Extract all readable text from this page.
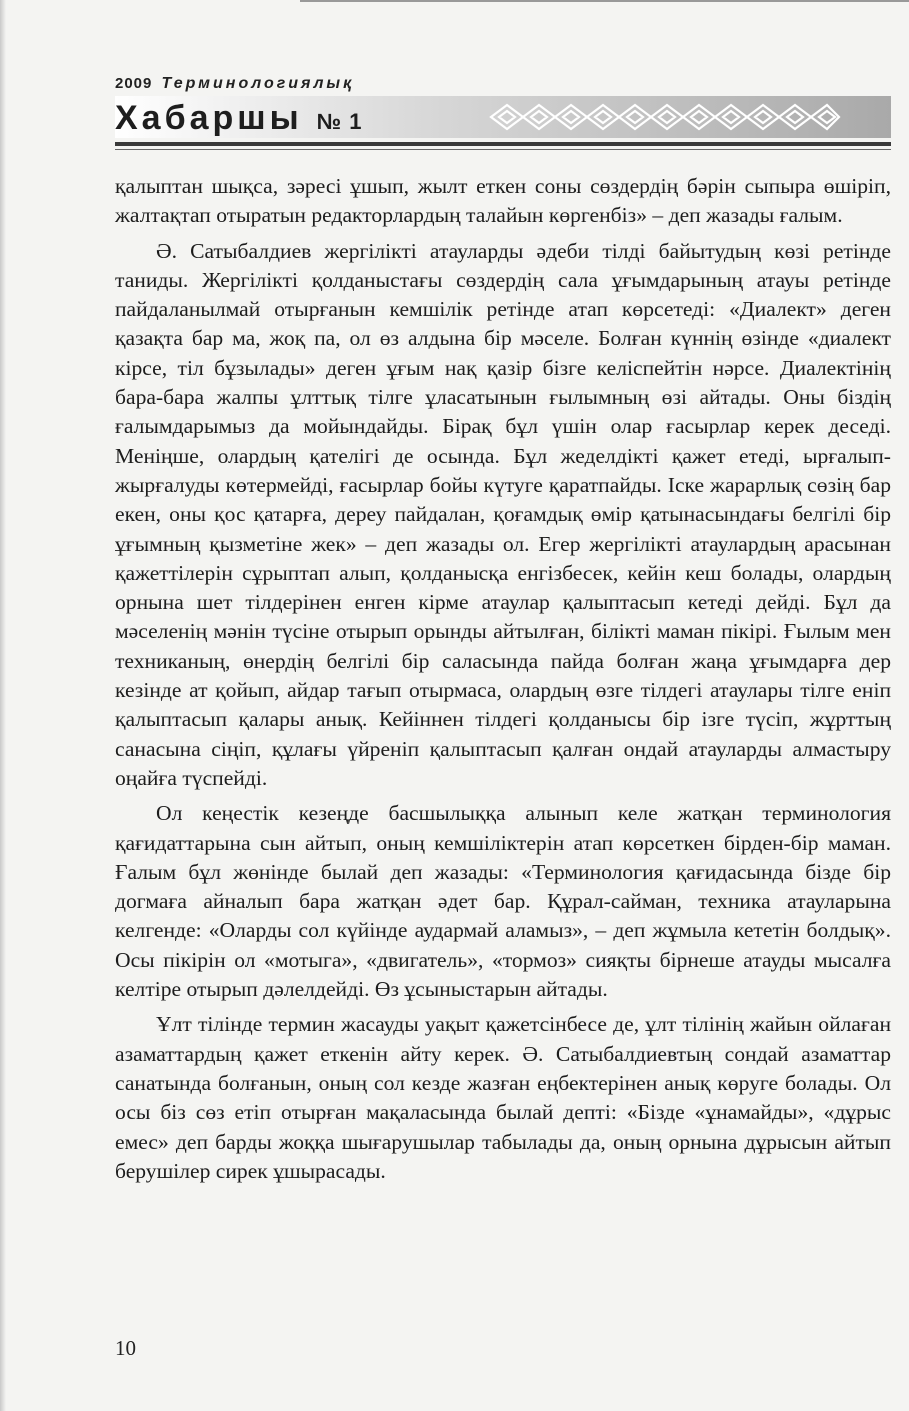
2009 Терминологиялық
Хабаршы № 1

қалыптан шықса, зәресі ұшып, жылт еткен соны сөздердің бәрін сыпыра өшіріп, жалтақтап отыратын редакторлардың талайын көргенбіз» – деп жазады ғалым.

Ә. Сатыбалдиев жергілікті атауларды әдеби тілді байытудың көзі ретінде таниды. Жергілікті қолданыстағы сөздердің сала ұғымдарының атауы ретінде пайдаланылмай отырғанын кемшілік ретінде атап көрсетеді: «Диалект» деген қазақта бар ма, жоқ па, ол өз алдына бір мәселе. Болған күннің өзінде «диалект кірсе, тіл бұзылады» деген ұғым нақ қазір бізге келіспейтін нәрсе. Диалектінің бара-бара жалпы ұлттық тілге ұласатынын ғылымның өзі айтады. Оны біздің ғалымдарымыз да мойындайды. Бірақ бұл үшін олар ғасырлар керек деседі. Меніңше, олардың қателігі де осында. Бұл жеделдікті қажет етеді, ырғалып-жырғалуды көтермейді, ғасырлар бойы күтуге қаратпайды. Іске жарарлық сөзің бар екен, оны қос қатарға, дереу пайдалан, қоғамдық өмір қатынасындағы белгілі бір ұғымның қызметіне жек» – деп жазады ол. Егер жергілікті атаулардың арасынан қажеттілерін сұрыптап алып, қолданысқа енгізбесек, кейін кеш болады, олардың орнына шет тілдерінен енген кірме атаулар қалыптасып кетеді дейді. Бұл да мәселенің мәнін түсіне отырып орынды айтылған, білікті маман пікірі. Ғылым мен техниканың, өнердің белгілі бір саласында пайда болған жаңа ұғымдарға дер кезінде ат қойып, айдар тағып отырмаса, олардың өзге тілдегі атаулары тілге еніп қалыптасып қалары анық. Кейіннен тілдегі қолданысы бір ізге түсіп, жұрттың санасына сіңіп, құлағы үйреніп қалыптасып қалған ондай атауларды алмастыру оңайға түспейді.

Ол кеңестік кезеңде басшылыққа алынып келе жатқан терминология қағидаттарына сын айтып, оның кемшіліктерін атап көрсеткен бірден-бір маман. Ғалым бұл жөнінде былай деп жазады: «Терминология қағидасында бізде бір догмаға айналып бара жатқан әдет бар. Құрал-сайман, техника атауларына келгенде: «Оларды сол күйінде аудармай аламыз», – деп жұмыла кететін болдық». Осы пікірін ол «мотыга», «двигатель», «тормоз» сияқты бірнеше атауды мысалға келтіре отырып дәлелдейді. Өз ұсыныстарын айтады.

Ұлт тілінде термин жасауды уақыт қажетсінбесе де, ұлт тілінің жайын ойлаған азаматтардың қажет еткенін айту керек. Ә. Сатыбалдиевтың сондай азаматтар санатында болғанын, оның сол кезде жазған еңбектерінен анық көруге болады. Ол осы біз сөз етіп отырған мақаласында былай депті: «Бізде «ұнамайды», «дұрыс емес» деп барды жоққа шығарушылар табылады да, оның орнына дұрысын айтып берушілер сирек ұшырасады.

10
